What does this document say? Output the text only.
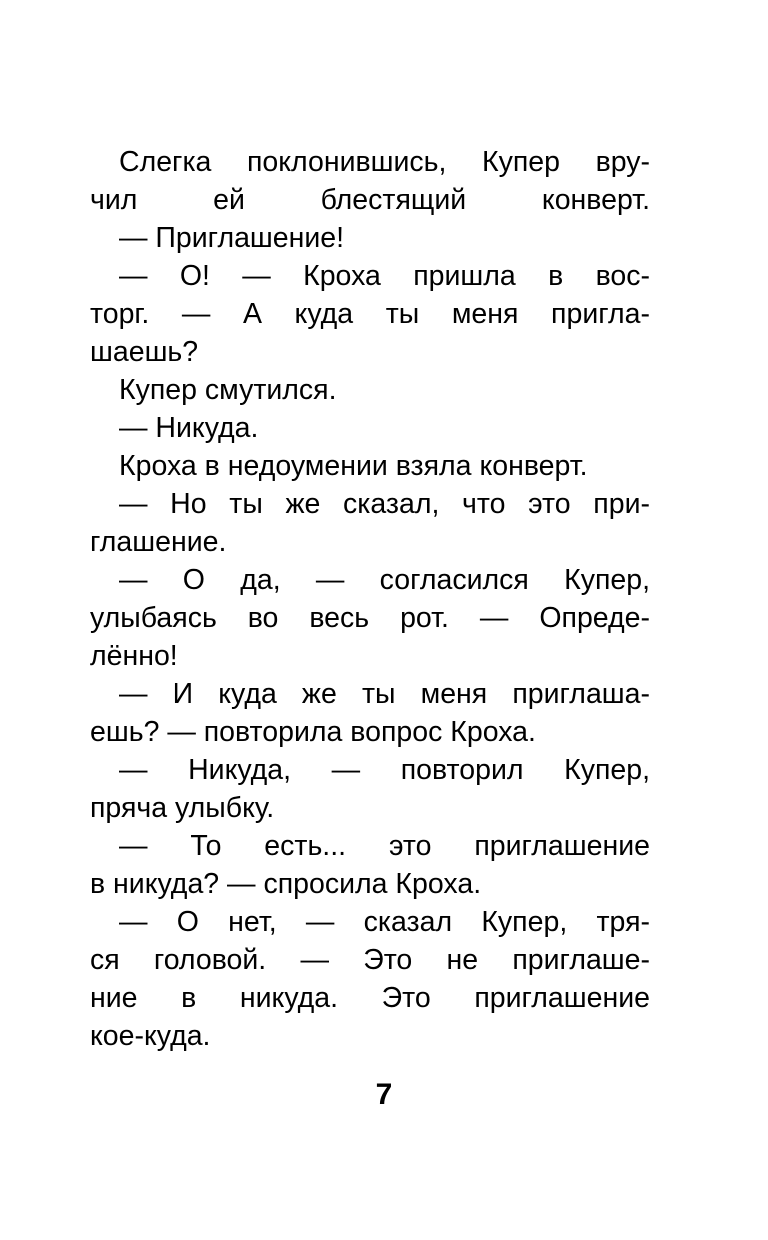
Слегка поклонившись, Купер вру-
чил ей блестящий конверт.
— Приглашение!
— О! — Кроха пришла в вос-
торг. — А куда ты меня пригла-
шаешь?
Купер смутился.
— Никуда.
Кроха в недоумении взяла конверт.
— Но ты же сказал, что это при-
глашение.
— О да, — согласился Купер,
улыбаясь во весь рот. — Опреде-
лённо!
— И куда же ты меня приглаша-
ешь? — повторила вопрос Кроха.
— Никуда, — повторил Купер,
пряча улыбку.
— То есть... это приглашение
в никуда? — спросила Кроха.
— О нет, — сказал Купер, тря-
ся головой. — Это не приглаше-
ние в никуда. Это приглашение
кое-куда.
7
